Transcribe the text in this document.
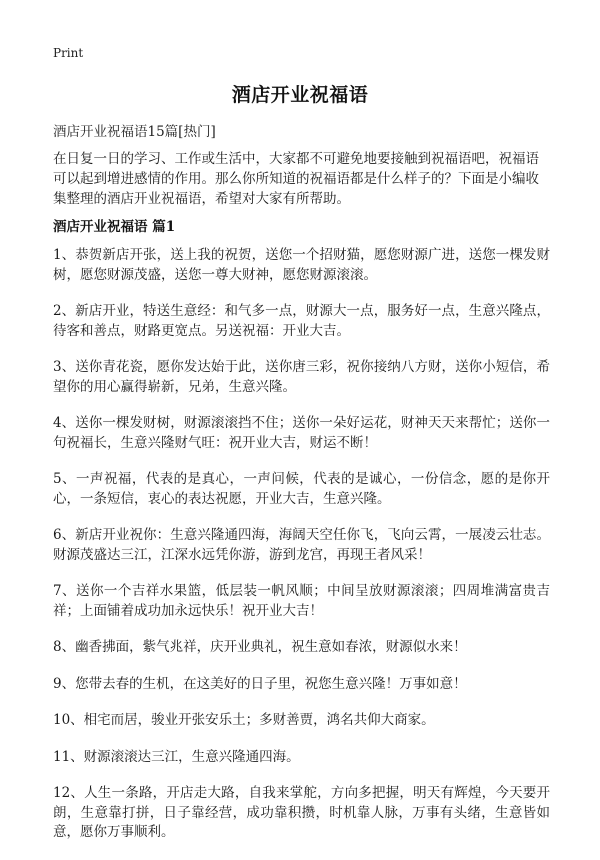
Print
酒店开业祝福语
酒店开业祝福语15篇[热门]

在日复一日的学习、工作或生活中，大家都不可避免地要接触到祝福语吧，祝福语可以起到增进感情的作用。那么你所知道的祝福语都是什么样子的？下面是小编收集整理的酒店开业祝福语，希望对大家有所帮助。

酒店开业祝福语 篇1
1、恭贺新店开张，送上我的祝贺，送您一个招财猫，愿您财源广进，送您一棵发财树，愿您财源茂盛，送您一尊大财神，愿您财源滚滚。
2、新店开业，特送生意经：和气多一点，财源大一点，服务好一点，生意兴隆点，待客和善点，财路更宽点。另送祝福：开业大吉。
3、送你青花瓷，愿你发达始于此，送你唐三彩，祝你接纳八方财，送你小短信，希望你的用心赢得崭新，兄弟，生意兴隆。
4、送你一棵发财树，财源滚滚挡不住；送你一朵好运花，财神天天来帮忙；送你一句祝福长，生意兴隆财气旺：祝开业大吉，财运不断！
5、一声祝福，代表的是真心，一声问候，代表的是诚心，一份信念，愿的是你开心，一条短信，衷心的表达祝愿，开业大吉，生意兴隆。
6、新店开业祝你：生意兴隆通四海，海阔天空任你飞，飞向云霄，一展凌云壮志。财源茂盛达三江，江深水远凭你游，游到龙宫，再现王者风采！
7、送你一个吉祥水果篮，低层装一帆风顺；中间呈放财源滚滚；四周堆满富贵吉祥；上面铺着成功加永远快乐！祝开业大吉！
8、幽香拂面，紫气兆祥，庆开业典礼，祝生意如春浓，财源似水来！
9、您带去春的生机，在这美好的日子里，祝您生意兴隆！万事如意！
10、相宅而居，骏业开张安乐土；多财善贾，鸿名共仰大商家。
11、财源滚滚达三江，生意兴隆通四海。
12、人生一条路，开店走大路，自我来掌舵，方向多把握，明天有辉煌，今天要开朗，生意靠打拼，日子靠经营，成功靠积攒，时机靠人脉，万事有头绪，生意皆如意，愿你万事顺利。
